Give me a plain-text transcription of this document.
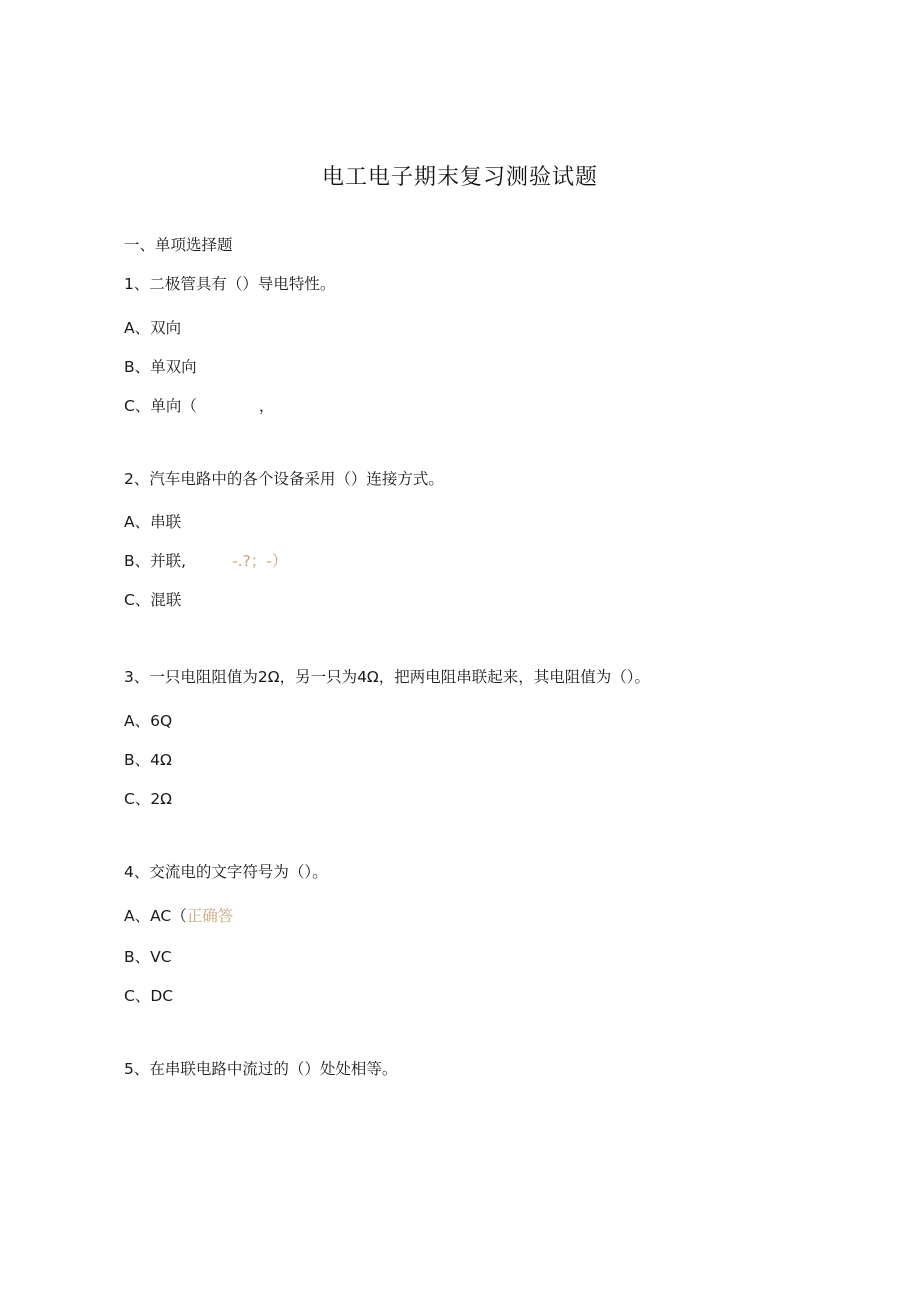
电工电子期末复习测验试题
一、单项选择题
1、二极管具有（）导电特性。
A、双向
B、单双向
C、单向（	，
2、汽车电路中的各个设备采用（）连接方式。
A、串联
B、并联,	-.?；-）
C、混联
3、一只电阻阻值为2Ω，另一只为4Ω，把两电阻串联起来，其电阻值为（）。
A、6Q
B、4Ω
C、2Ω
4、交流电的文字符号为（）。
A、AC（正确答
B、VC
C、DC
5、在串联电路中流过的（）处处相等。
